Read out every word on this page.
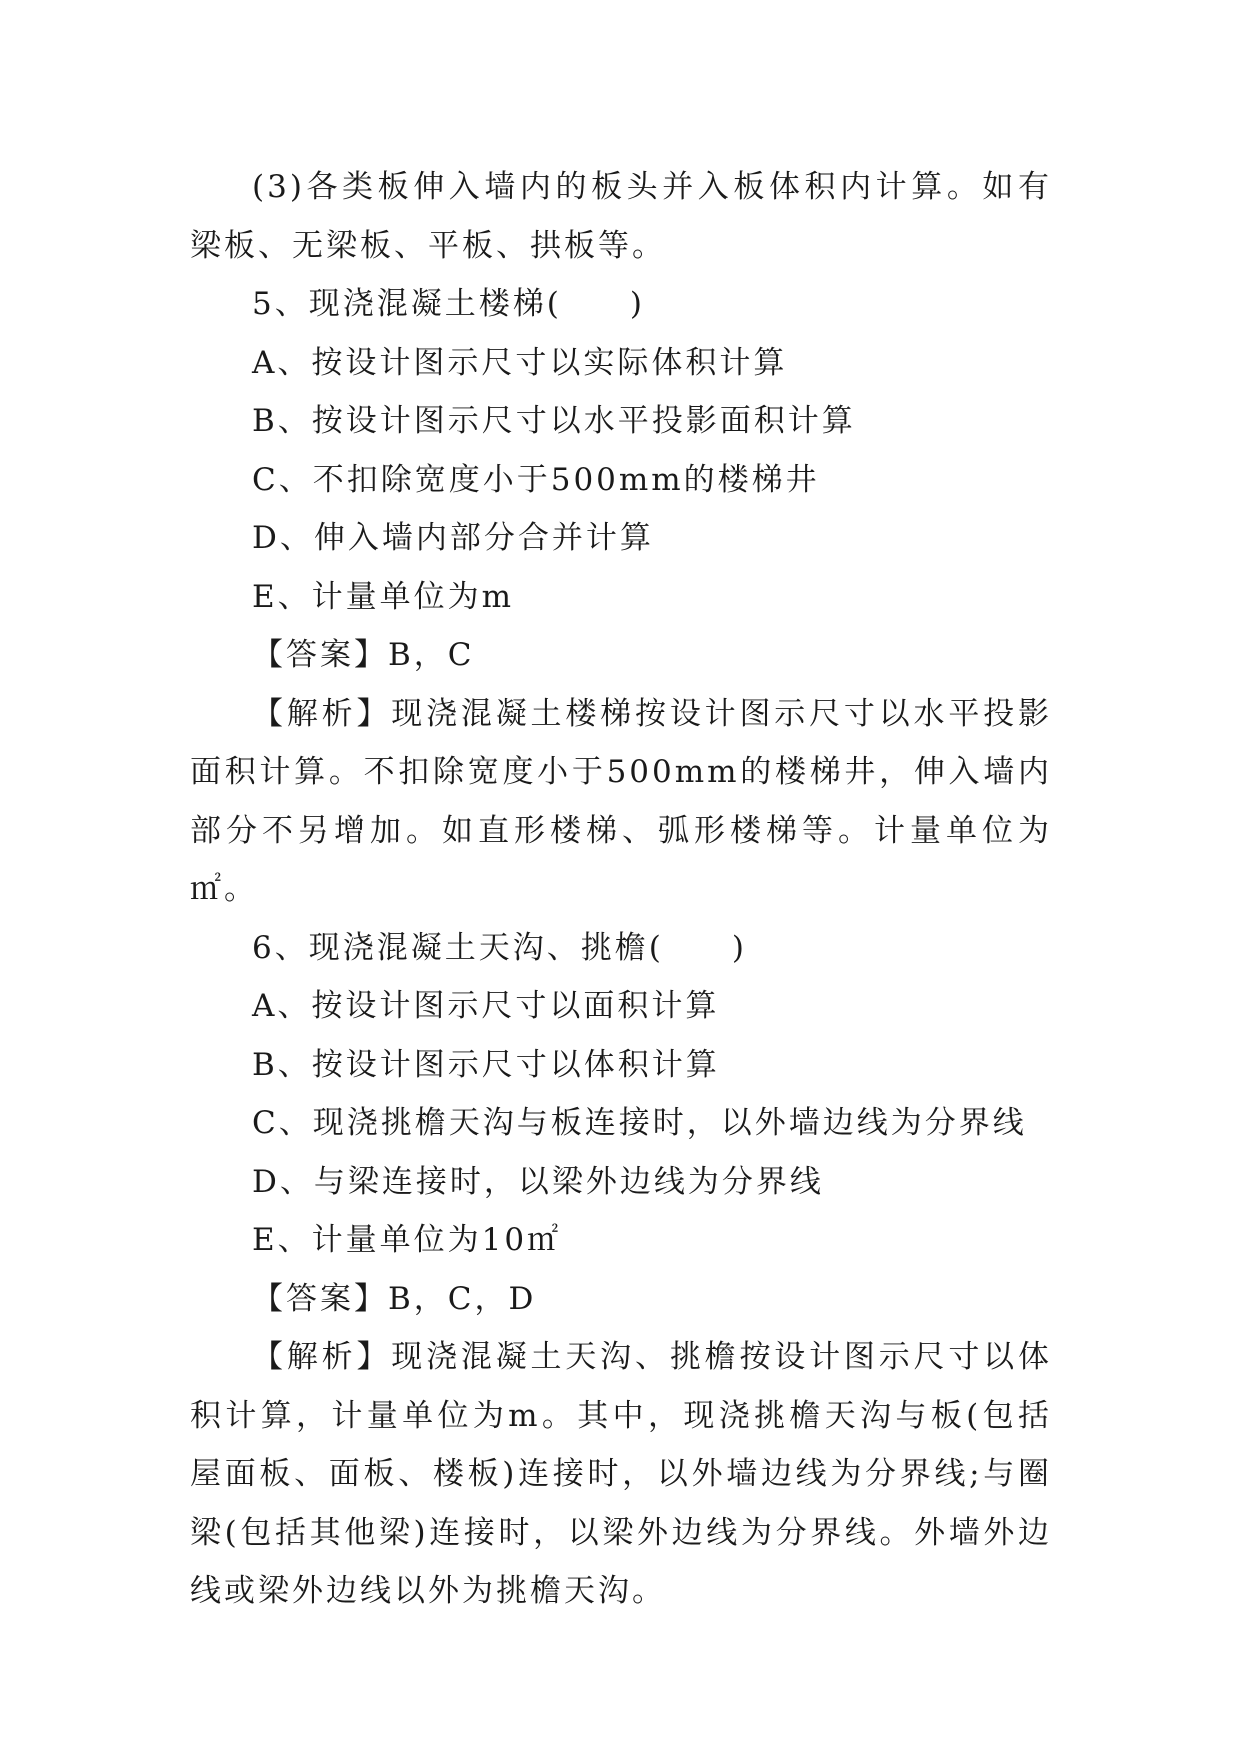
(3)各类板伸入墙内的板头并入板体积内计算。如有梁板、无梁板、平板、拱板等。

5、现浇混凝土楼梯(　　)

A、按设计图示尺寸以实际体积计算

B、按设计图示尺寸以水平投影面积计算

C、不扣除宽度小于500mm的楼梯井

D、伸入墙内部分合并计算

E、计量单位为m

【答案】B，C

【解析】现浇混凝土楼梯按设计图示尺寸以水平投影面积计算。不扣除宽度小于500mm的楼梯井，伸入墙内部分不另增加。如直形楼梯、弧形楼梯等。计量单位为㎡。

6、现浇混凝土天沟、挑檐(　　)

A、按设计图示尺寸以面积计算

B、按设计图示尺寸以体积计算

C、现浇挑檐天沟与板连接时，以外墙边线为分界线

D、与梁连接时，以梁外边线为分界线

E、计量单位为10㎡

【答案】B，C，D

【解析】现浇混凝土天沟、挑檐按设计图示尺寸以体积计算，计量单位为m。其中，现浇挑檐天沟与板(包括屋面板、面板、楼板)连接时，以外墙边线为分界线;与圈梁(包括其他梁)连接时，以梁外边线为分界线。外墙外边线或梁外边线以外为挑檐天沟。
